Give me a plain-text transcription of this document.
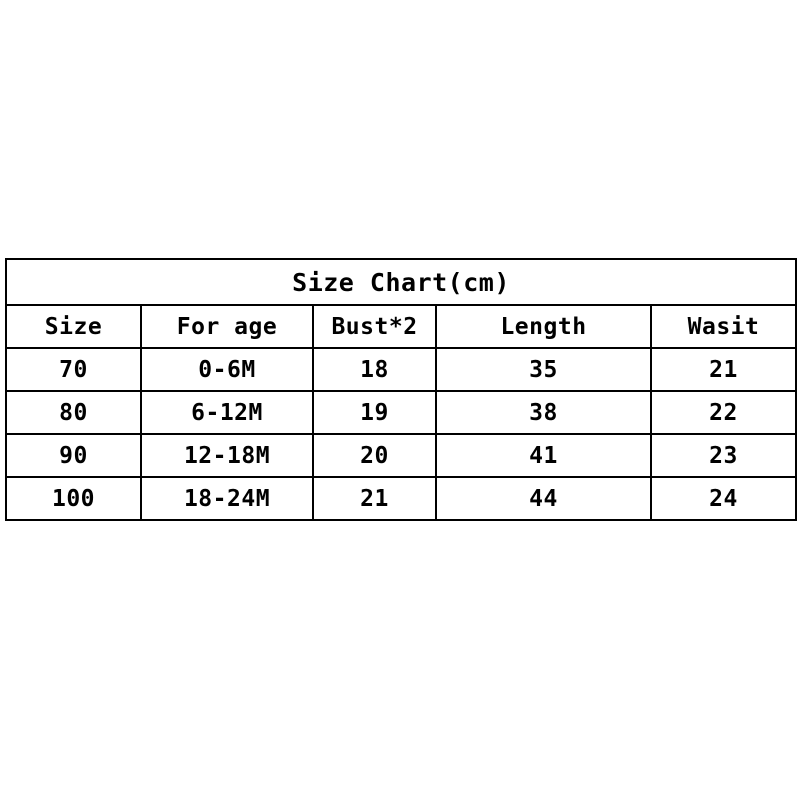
Size Chart(cm)				
Size	For age	Bust*2	Length	Wasit
70	0-6M	18	35	21
80	6-12M	19	38	22
90	12-18M	20	41	23
100	18-24M	21	44	24
